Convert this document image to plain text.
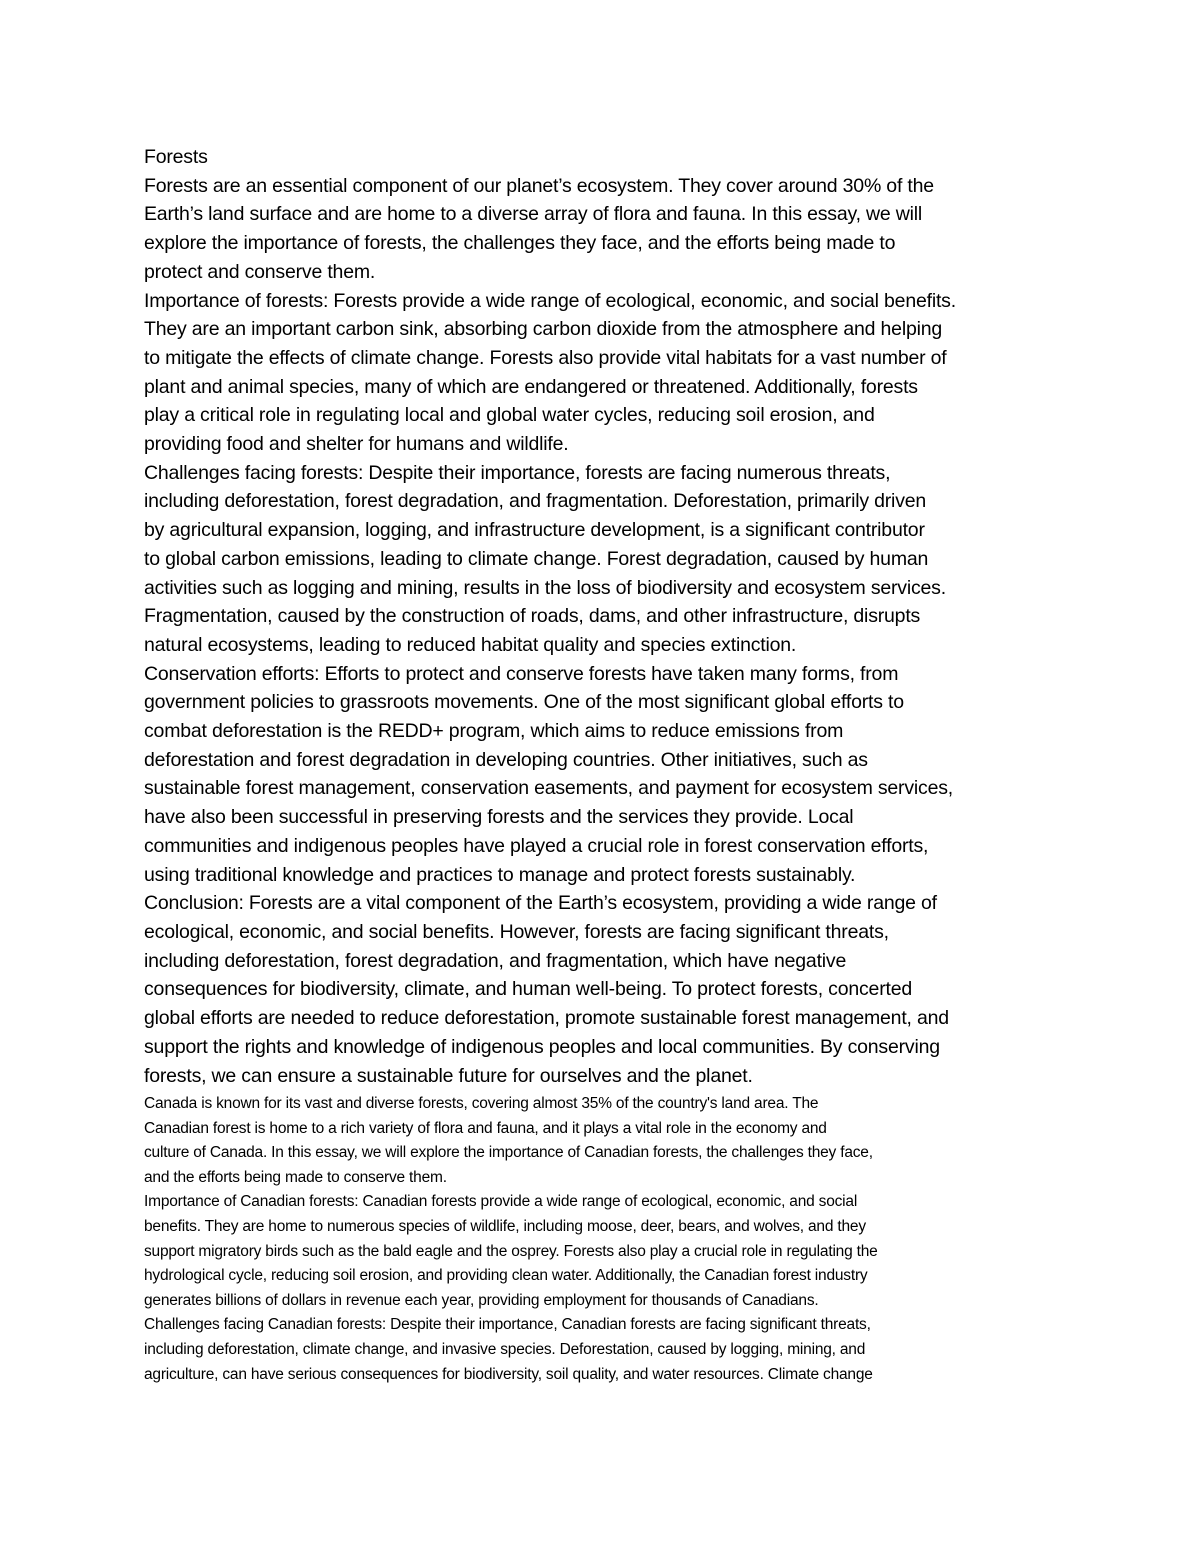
Forests
Forests are an essential component of our planet’s ecosystem. They cover around 30% of the
Earth’s land surface and are home to a diverse array of flora and fauna. In this essay, we will
explore the importance of forests, the challenges they face, and the efforts being made to
protect and conserve them.
Importance of forests: Forests provide a wide range of ecological, economic, and social benefits.
They are an important carbon sink, absorbing carbon dioxide from the atmosphere and helping
to mitigate the effects of climate change. Forests also provide vital habitats for a vast number of
plant and animal species, many of which are endangered or threatened. Additionally, forests
play a critical role in regulating local and global water cycles, reducing soil erosion, and
providing food and shelter for humans and wildlife.
Challenges facing forests: Despite their importance, forests are facing numerous threats,
including deforestation, forest degradation, and fragmentation. Deforestation, primarily driven
by agricultural expansion, logging, and infrastructure development, is a significant contributor
to global carbon emissions, leading to climate change. Forest degradation, caused by human
activities such as logging and mining, results in the loss of biodiversity and ecosystem services.
Fragmentation, caused by the construction of roads, dams, and other infrastructure, disrupts
natural ecosystems, leading to reduced habitat quality and species extinction.
Conservation efforts: Efforts to protect and conserve forests have taken many forms, from
government policies to grassroots movements. One of the most significant global efforts to
combat deforestation is the REDD+ program, which aims to reduce emissions from
deforestation and forest degradation in developing countries. Other initiatives, such as
sustainable forest management, conservation easements, and payment for ecosystem services,
have also been successful in preserving forests and the services they provide. Local
communities and indigenous peoples have played a crucial role in forest conservation efforts,
using traditional knowledge and practices to manage and protect forests sustainably.
Conclusion: Forests are a vital component of the Earth’s ecosystem, providing a wide range of
ecological, economic, and social benefits. However, forests are facing significant threats,
including deforestation, forest degradation, and fragmentation, which have negative
consequences for biodiversity, climate, and human well-being. To protect forests, concerted
global efforts are needed to reduce deforestation, promote sustainable forest management, and
support the rights and knowledge of indigenous peoples and local communities. By conserving
forests, we can ensure a sustainable future for ourselves and the planet.
Canada is known for its vast and diverse forests, covering almost 35% of the country's land area. The
Canadian forest is home to a rich variety of flora and fauna, and it plays a vital role in the economy and
culture of Canada. In this essay, we will explore the importance of Canadian forests, the challenges they face,
and the efforts being made to conserve them.
Importance of Canadian forests: Canadian forests provide a wide range of ecological, economic, and social
benefits. They are home to numerous species of wildlife, including moose, deer, bears, and wolves, and they
support migratory birds such as the bald eagle and the osprey. Forests also play a crucial role in regulating the
hydrological cycle, reducing soil erosion, and providing clean water. Additionally, the Canadian forest industry
generates billions of dollars in revenue each year, providing employment for thousands of Canadians.
Challenges facing Canadian forests: Despite their importance, Canadian forests are facing significant threats,
including deforestation, climate change, and invasive species. Deforestation, caused by logging, mining, and
agriculture, can have serious consequences for biodiversity, soil quality, and water resources. Climate change
